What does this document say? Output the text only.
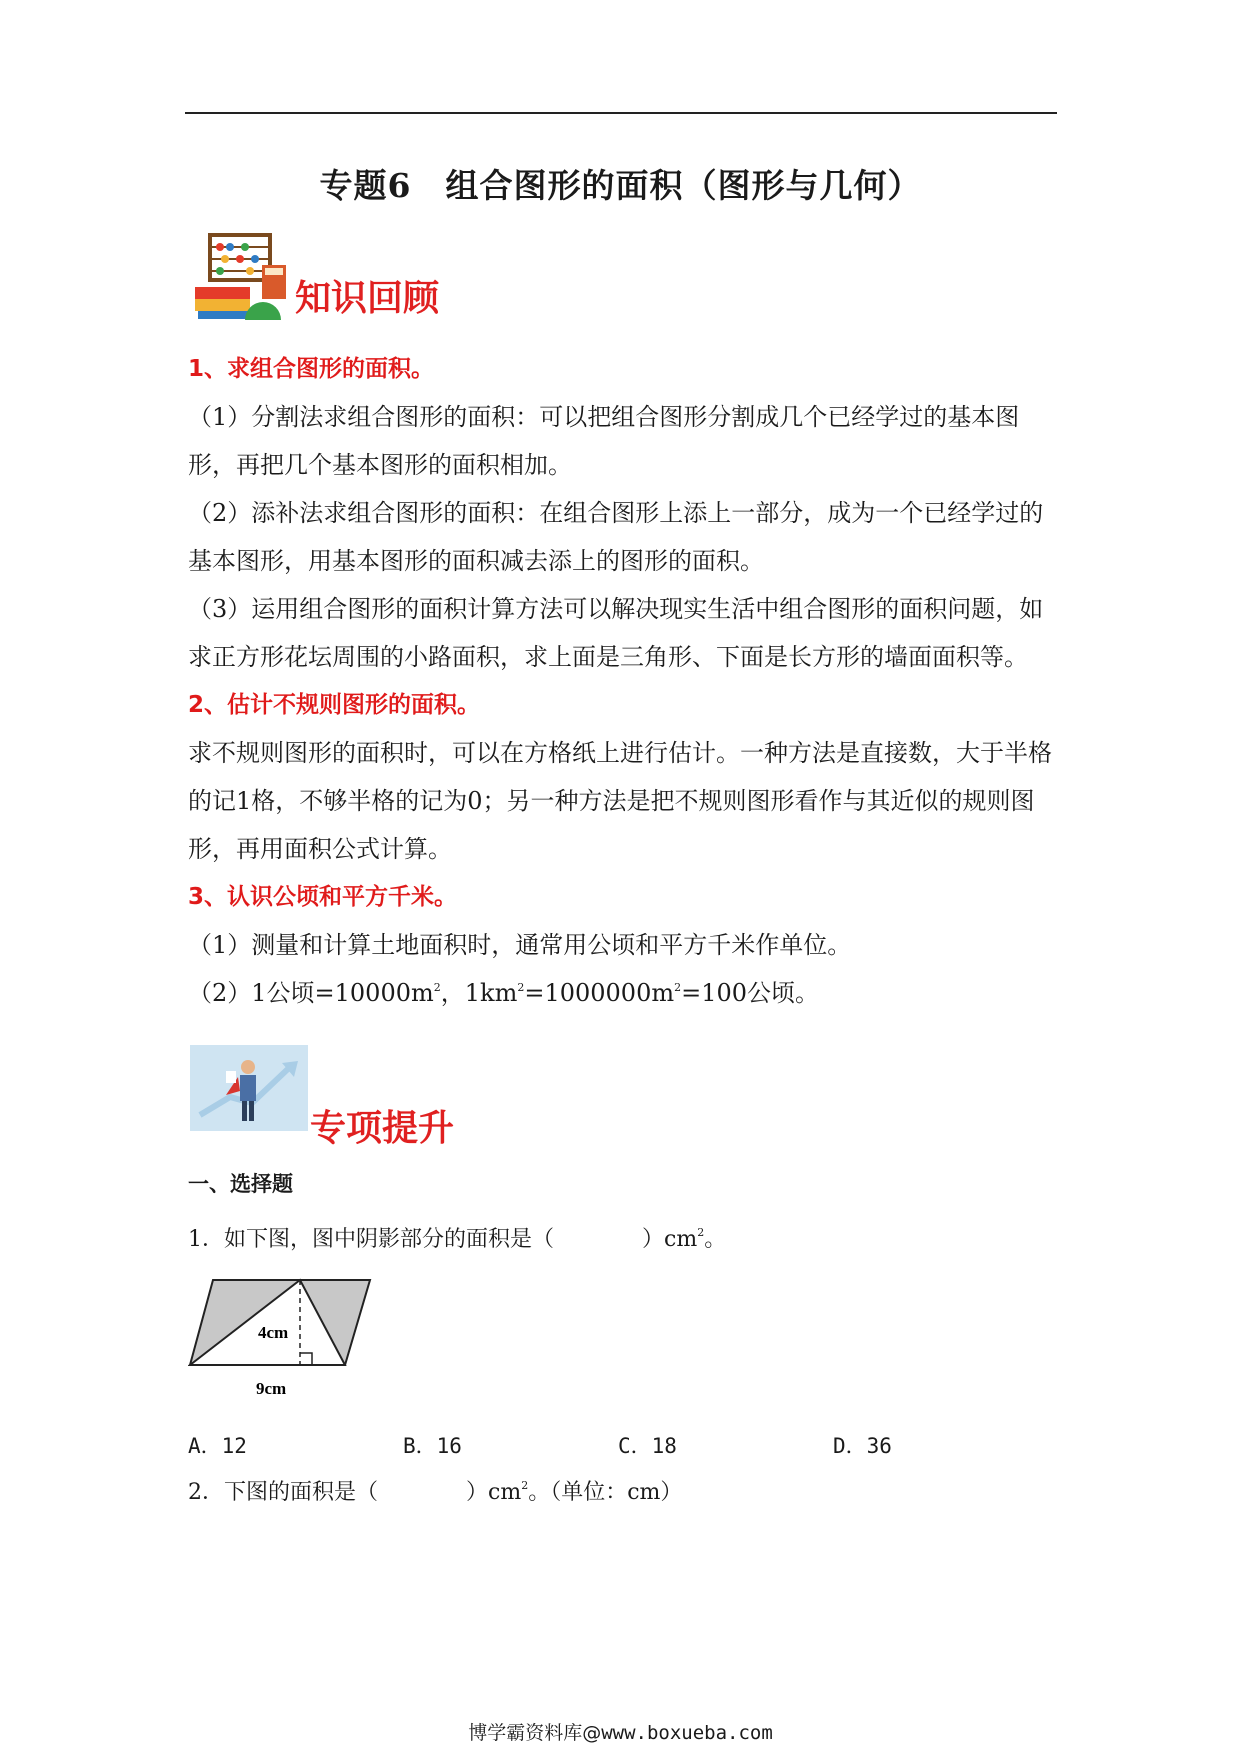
专题6　组合图形的面积（图形与几何）
知识回顾

1、求组合图形的面积。

（1）分割法求组合图形的面积：可以把组合图形分割成几个已经学过的基本图形，再把几个基本图形的面积相加。

（2）添补法求组合图形的面积：在组合图形上添上一部分，成为一个已经学过的基本图形，用基本图形的面积减去添上的图形的面积。

（3）运用组合图形的面积计算方法可以解决现实生活中组合图形的面积问题，如求正方形花坛周围的小路面积，求上面是三角形、下面是长方形的墙面面积等。

2、估计不规则图形的面积。

求不规则图形的面积时，可以在方格纸上进行估计。一种方法是直接数，大于半格的记1格，不够半格的记为0；另一种方法是把不规则图形看作与其近似的规则图形，再用面积公式计算。

3、认识公顷和平方千米。

（1）测量和计算土地面积时，通常用公顷和平方千米作单位。

（2）1公顷$=10000m^2$，$1km^2=1000000m^2=100$公顷。

专项提升
一、选择题
1．如下图，图中阴影部分的面积是（　　　　）$cm^2$。
4cm
9cm
A．12	B．16	C．18	D．36
2．下图的面积是（　　　　）$cm^2$。（单位：cm）
博学霸资料库@www.boxueba.com
